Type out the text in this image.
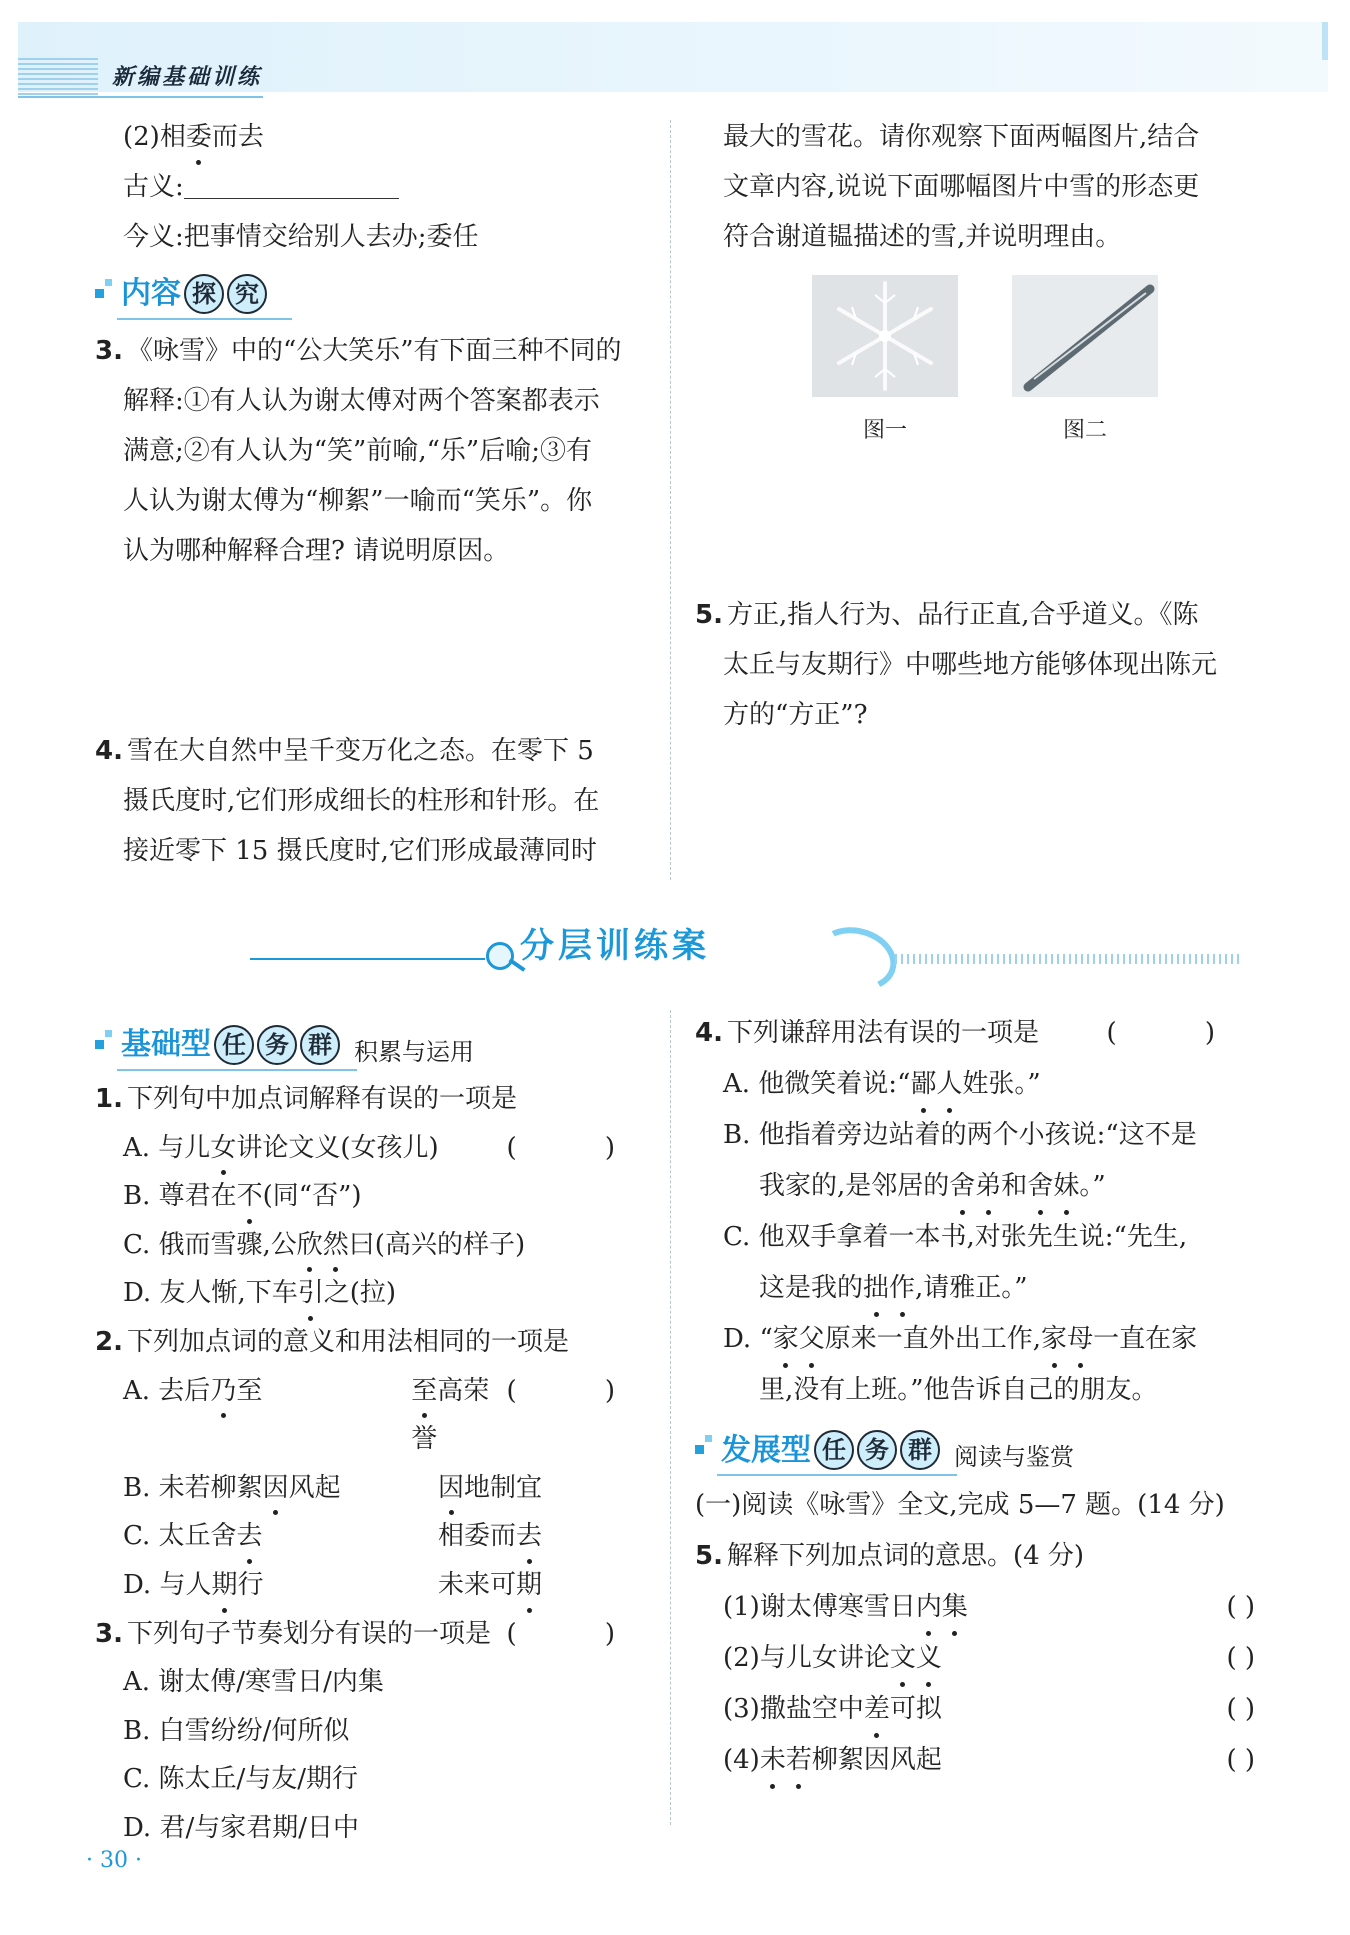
新编基础训练

(2)相委而去

古义:

今义:把事情交给别人去办;委任

内容 探 究

3. 《咏雪》中的“公大笑乐”有下面三种不同的

解释:①有人认为谢太傅对两个答案都表示

满意;②有人认为“笑”前喻,“乐”后喻;③有

人认为谢太傅为“柳絮”一喻而“笑乐”。你

认为哪种解释合理? 请说明原因。

4. 雪在大自然中呈千变万化之态。在零下 5

摄氏度时,它们形成细长的柱形和针形。在

接近零下 15 摄氏度时,它们形成最薄同时

最大的雪花。请你观察下面两幅图片,结合

文章内容,说说下面哪幅图片中雪的形态更

符合谢道韫描述的雪,并说明理由。

图一	图二

5. 方正,指人行为、品行正直,合乎道义。《陈

太丘与友期行》中哪些地方能够体现出陈元

方的“方正”?

分层训练案
基础型 任 务 群 积累与运用

1. 下列句中加点词解释有误的一项是
( )

A. 与儿女讲论文义(女孩儿)

B. 尊君在不(同“否”)

C. 俄而雪骤,公欣然曰(高兴的样子)

D. 友人惭,下车引之(拉)

2. 下列加点词的意义和用法相同的一项是
( )

A. 去后乃至	至高荣誉
B. 未若柳絮因风起	因地制宜
C. 太丘舍去	相委而去
D. 与人期行	未来可期

3. 下列句子节奏划分有误的一项是 ( )

A. 谢太傅/寒雪日/内集

B. 白雪纷纷/何所似

C. 陈太丘/与友/期行

D. 君/与家君期/日中

4. 下列谦辞用法有误的一项是	( )

A. 他微笑着说:“鄙人姓张。”

B. 他指着旁边站着的两个小孩说:“这不是

我家的,是邻居的舍弟和舍妹。”

C. 他双手拿着一本书,对张先生说:“先生,

这是我的拙作,请雅正。”

D. “家父原来一直外出工作,家母一直在家

里,没有上班。”他告诉自己的朋友。

发展型 任 务 群 阅读与鉴赏

(一)阅读《咏雪》全文,完成 5—7 题。(14 分)

5. 解释下列加点词的意思。(4 分)

(1)谢太傅寒雪日内集	( )

(2)与儿女讲论文义	( )

(3)撒盐空中差可拟	( )

(4)未若柳絮因风起	( )

· 30 ·
